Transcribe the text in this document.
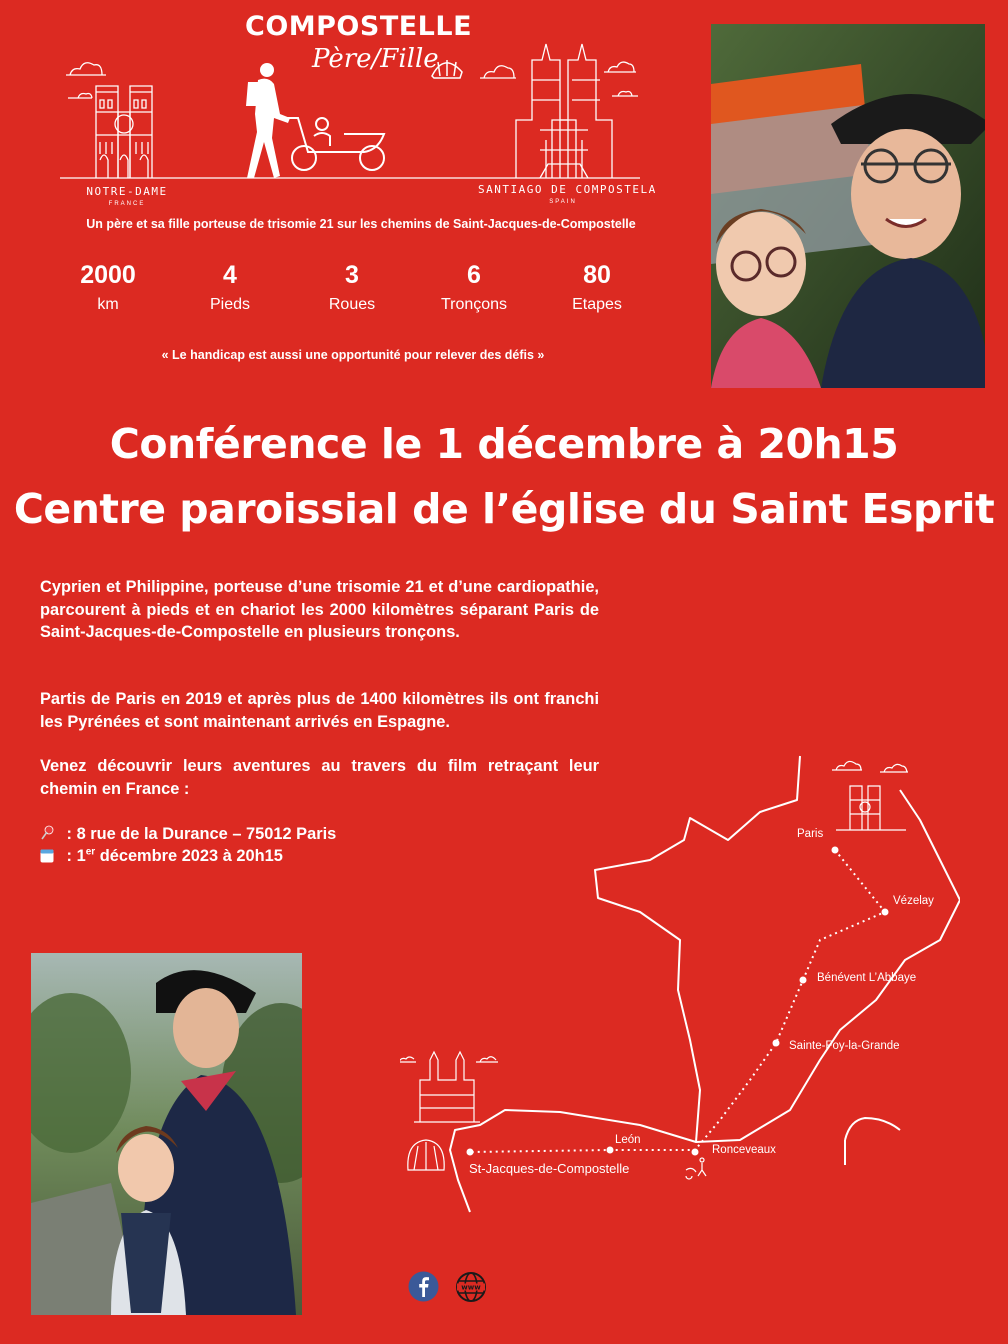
COMPOSTELLE
Père/Fille
NOTRE-DAME
FRANCE
SANTIAGO DE COMPOSTELA
SPAIN
Un père et sa fille porteuse de trisomie 21 sur les chemins de Saint-Jacques-de-Compostelle
2000
km
4
Pieds
3
Roues
6
Tronçons
80
Etapes
« Le handicap est aussi une opportunité pour relever des défis »
Conférence le 1 décembre à 20h15
Centre paroissial de l’église du Saint Esprit
Cyprien et Philippine, porteuse d’une trisomie 21 et d’une cardiopathie, parcourent à pieds et en chariot les 2000 kilomètres séparant Paris de Saint-Jacques-de-Compostelle en plusieurs tronçons.
Partis de Paris en 2019 et après plus de 1400 kilomètres ils ont franchi les Pyrénées et sont maintenant arrivés en Espagne.
Venez découvrir leurs aventures au travers du film retraçant leur chemin en France :
: 8 rue de la Durance – 75012 Paris
: 1er décembre 2023 à 20h15
Paris
Vézelay
Bénévent L’Abbaye
Sainte-Foy-la-Grande
Ronceveaux
León
St-Jacques-de-Compostelle
www
